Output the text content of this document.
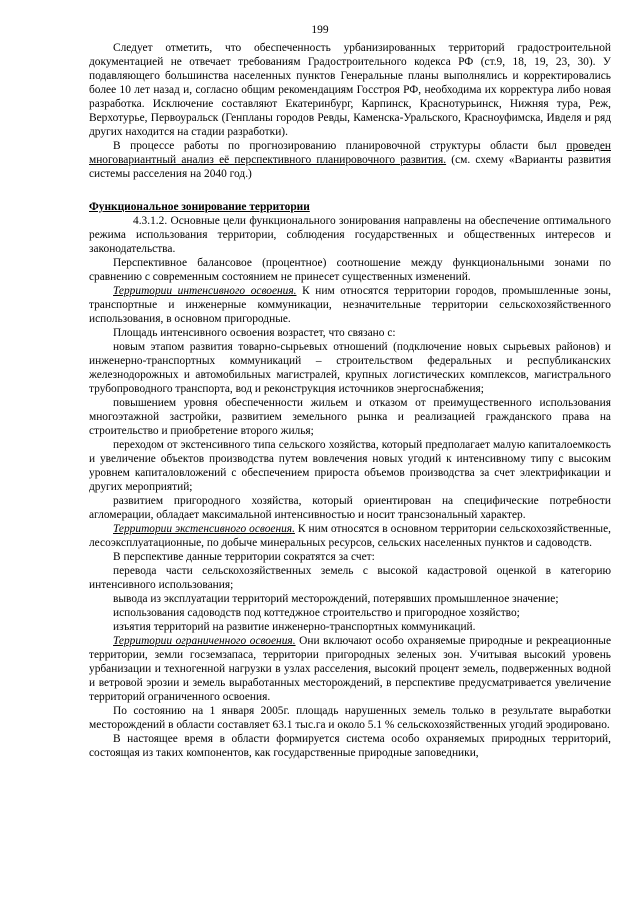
199

Следует отметить, что обеспеченность урбанизированных территорий градостроительной документацией не отвечает требованиям Градостроительного кодекса РФ (ст.9, 18, 19, 23, 30). У подавляющего большинства населенных пунктов Генеральные планы выполнялись и корректировались более 10 лет назад и, согласно общим рекомендациям Госстроя РФ, необходима их корректура либо новая разработка. Исключение составляют Екатеринбург, Карпинск, Краснотурьинск, Нижняя тура, Реж, Верхотурье, Первоуральск (Генпланы городов Ревды, Каменска-Уральского, Красноуфимска, Ивделя и ряд других находится на стадии разработки).

В процессе работы по прогнозированию планировочной структуры области был проведен многовариантный анализ её перспективного планировочного развития. (см. схему «Варианты развития системы расселения на 2040 год.)

Функциональное зонирование территории

4.3.1.2. Основные цели функционального зонирования направлены на обеспечение оптимального режима использования территории, соблюдения государственных и общественных интересов и законодательства.

Перспективное балансовое (процентное) соотношение между функциональными зонами по сравнению с современным состоянием не принесет существенных изменений.

Территории интенсивного освоения. К ним относятся территории городов, промышленные зоны, транспортные и инженерные коммуникации, незначительные территории сельскохозяйственного использования, в основном пригородные.

Площадь интенсивного освоения возрастет, что связано с:

новым этапом развития товарно-сырьевых отношений (подключение новых сырьевых районов) и инженерно-транспортных коммуникаций – строительством федеральных и республиканских железнодорожных и автомобильных магистралей, крупных логистических комплексов, магистрального трубопроводного транспорта, вод и реконструкция источников энергоснабжения;

повышением уровня обеспеченности жильем и отказом от преимущественного использования многоэтажной застройки, развитием земельного рынка и реализацией гражданского права на строительство и приобретение второго жилья;

переходом от экстенсивного типа сельского хозяйства, который предполагает малую капиталоемкость и увеличение объектов производства путем вовлечения новых угодий к интенсивному типу с высоким уровнем капиталовложений с обеспечением прироста объемов производства за счет электрификации и других мероприятий;

развитием пригородного хозяйства, который ориентирован на специфические потребности агломерации, обладает максимальной интенсивностью и носит трансзональный характер.

Территории экстенсивного освоения. К ним относятся в основном территории сельскохозяйственные, лесоэксплуатационные, по добыче минеральных ресурсов, сельских населенных пунктов и садоводств.

В перспективе данные территории сократятся за счет:

перевода части сельскохозяйственных земель с высокой кадастровой оценкой в категорию интенсивного использования;

вывода из эксплуатации территорий месторождений, потерявших промышленное значение;

использования садоводств под коттеджное строительство и пригородное хозяйство;

изъятия территорий на развитие инженерно-транспортных коммуникаций.

Территории ограниченного освоения. Они включают особо охраняемые природные и рекреационные территории, земли госземзапаса, территории пригородных зеленых зон. Учитывая высокий уровень урбанизации и техногенной нагрузки в узлах расселения, высокий процент земель, подверженных водной и ветровой эрозии и земель выработанных месторождений, в перспективе предусматривается увеличение территорий ограниченного освоения.

По состоянию на 1 января 2005г. площадь нарушенных земель только в результате выработки месторождений в области составляет 63.1 тыс.га и около 5.1 % сельскохозяйственных угодий эродировано.

В настоящее время в области формируется система особо охраняемых природных территорий, состоящая из таких компонентов, как государственные природные заповедники,
